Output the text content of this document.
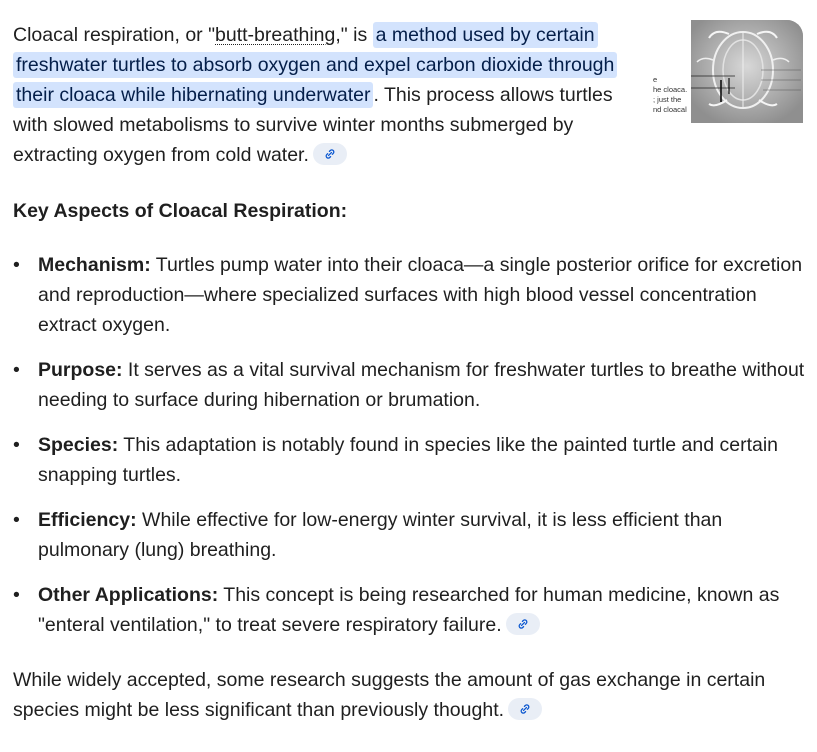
Cloacal respiration, or "butt-breathing," is a method used by certain freshwater turtles to absorb oxygen and expel carbon dioxide through their cloaca while hibernating underwater . This process allows turtles with slowed metabolisms to survive winter months submerged by extracting oxygen from cold water.

e
he cloaca.
; just the
nd cloacal
Key Aspects of Cloacal Respiration:
• Mechanism: Turtles pump water into their cloaca—a single posterior orifice for excretion and reproduction—where specialized surfaces with high blood vessel concentration extract oxygen.
• Purpose: It serves as a vital survival mechanism for freshwater turtles to breathe without needing to surface during hibernation or brumation.
• Species: This adaptation is notably found in species like the painted turtle and certain snapping turtles.
• Efficiency: While effective for low-energy winter survival, it is less efficient than pulmonary (lung) breathing.
• Other Applications: This concept is being researched for human medicine, known as "enteral ventilation," to treat severe respiratory failure.

While widely accepted, some research suggests the amount of gas exchange in certain species might be less significant than previously thought.
